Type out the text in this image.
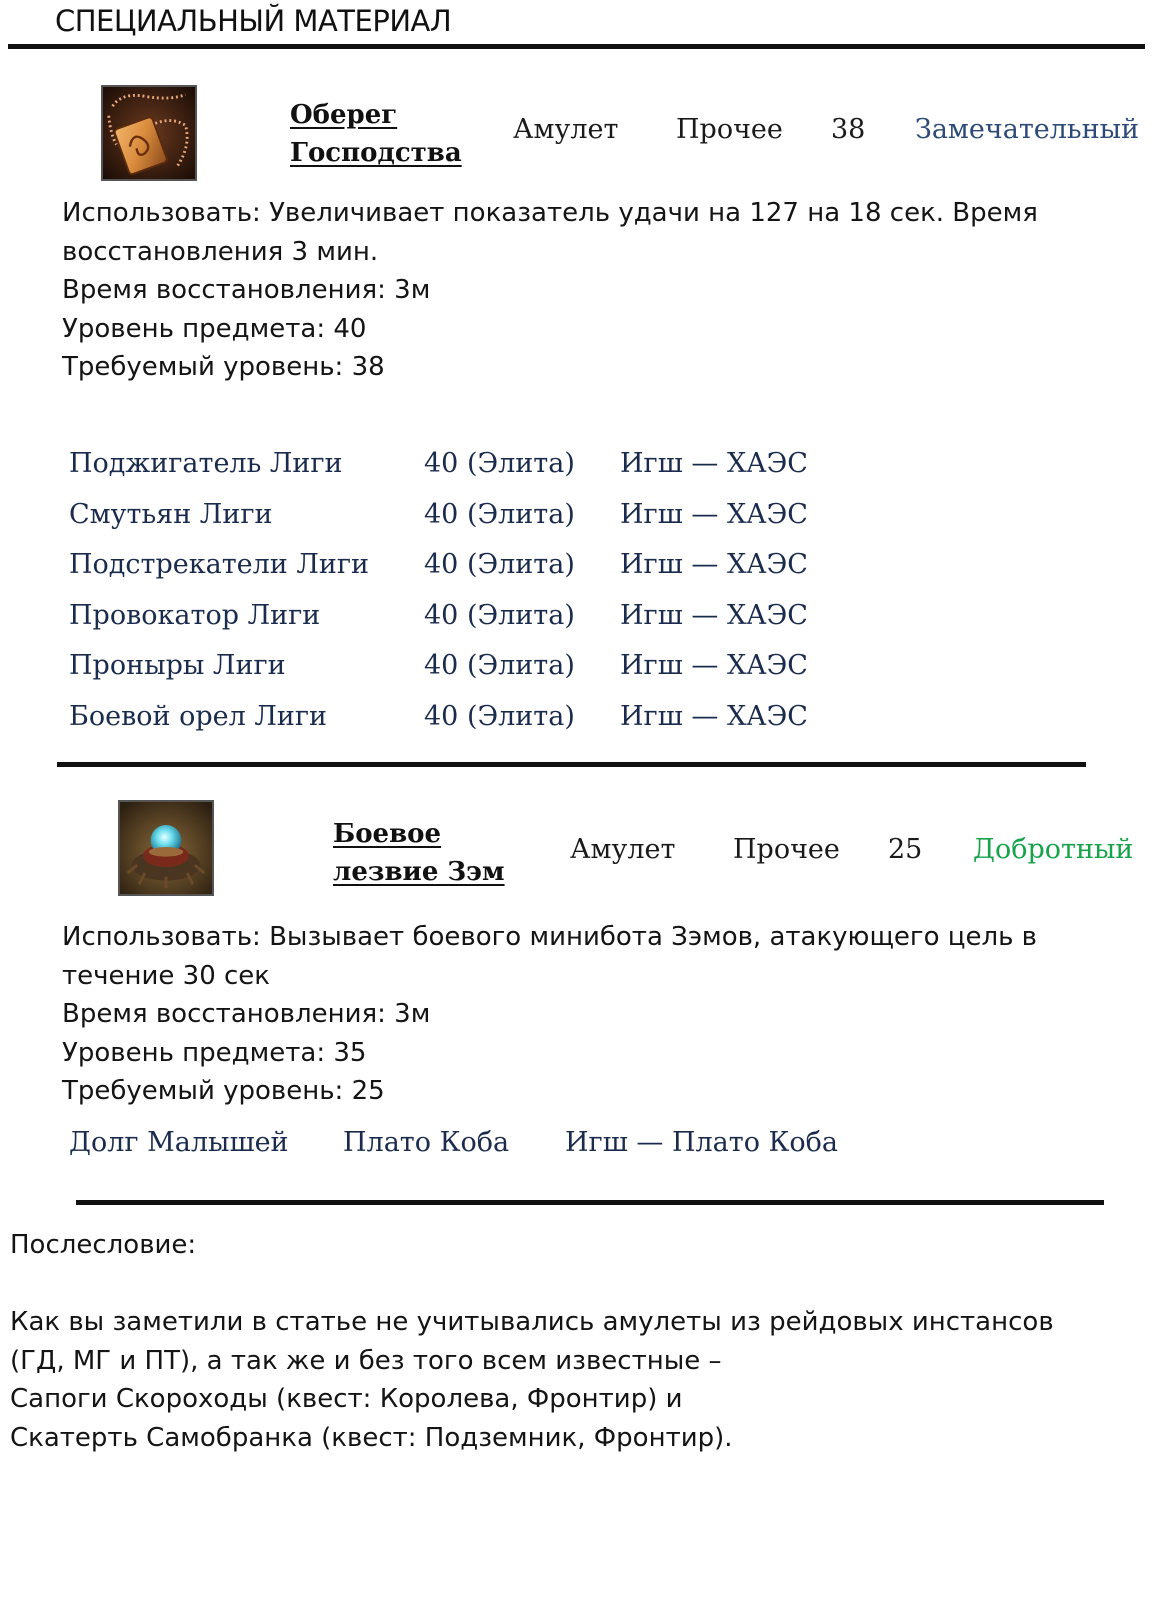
СПЕЦИАЛЬНЫЙ МАТЕРИАЛ
Оберег
Господства
Амулет Прочее 38 Замечательный
Использовать: Увеличивает показатель удачи на 127 на 18 сек. Время
восстановления 3 мин.
Время восстановления: 3м
Уровень предмета: 40
Требуемый уровень: 38
Поджигатель Лиги	40 (Элита) Игш — ХАЭС
Смутьян Лиги	40 (Элита) Игш — ХАЭС
Подстрекатели Лиги 40 (Элита) Игш — ХАЭС
Провокатор Лиги	40 (Элита) Игш — ХАЭС
Проныры Лиги	40 (Элита) Игш — ХАЭС
Боевой орел Лиги	40 (Элита) Игш — ХАЭС
Боевое
лезвие Зэм
Амулет Прочее 25 Добротный
Использовать: Вызывает боевого минибота Зэмов, атакующего цель в
течение 30 сек
Время восстановления: 3м
Уровень предмета: 35
Требуемый уровень: 25
Долг Малышей Плато Коба Игш — Плато Коба
Послесловие:
Как вы заметили в статье не учитывались амулеты из рейдовых инстансов
(ГД, МГ и ПТ), а так же и без того всем известные –
Сапоги Скороходы (квест: Королева, Фронтир) и
Скатерть Самобранка (квест: Подземник, Фронтир).
